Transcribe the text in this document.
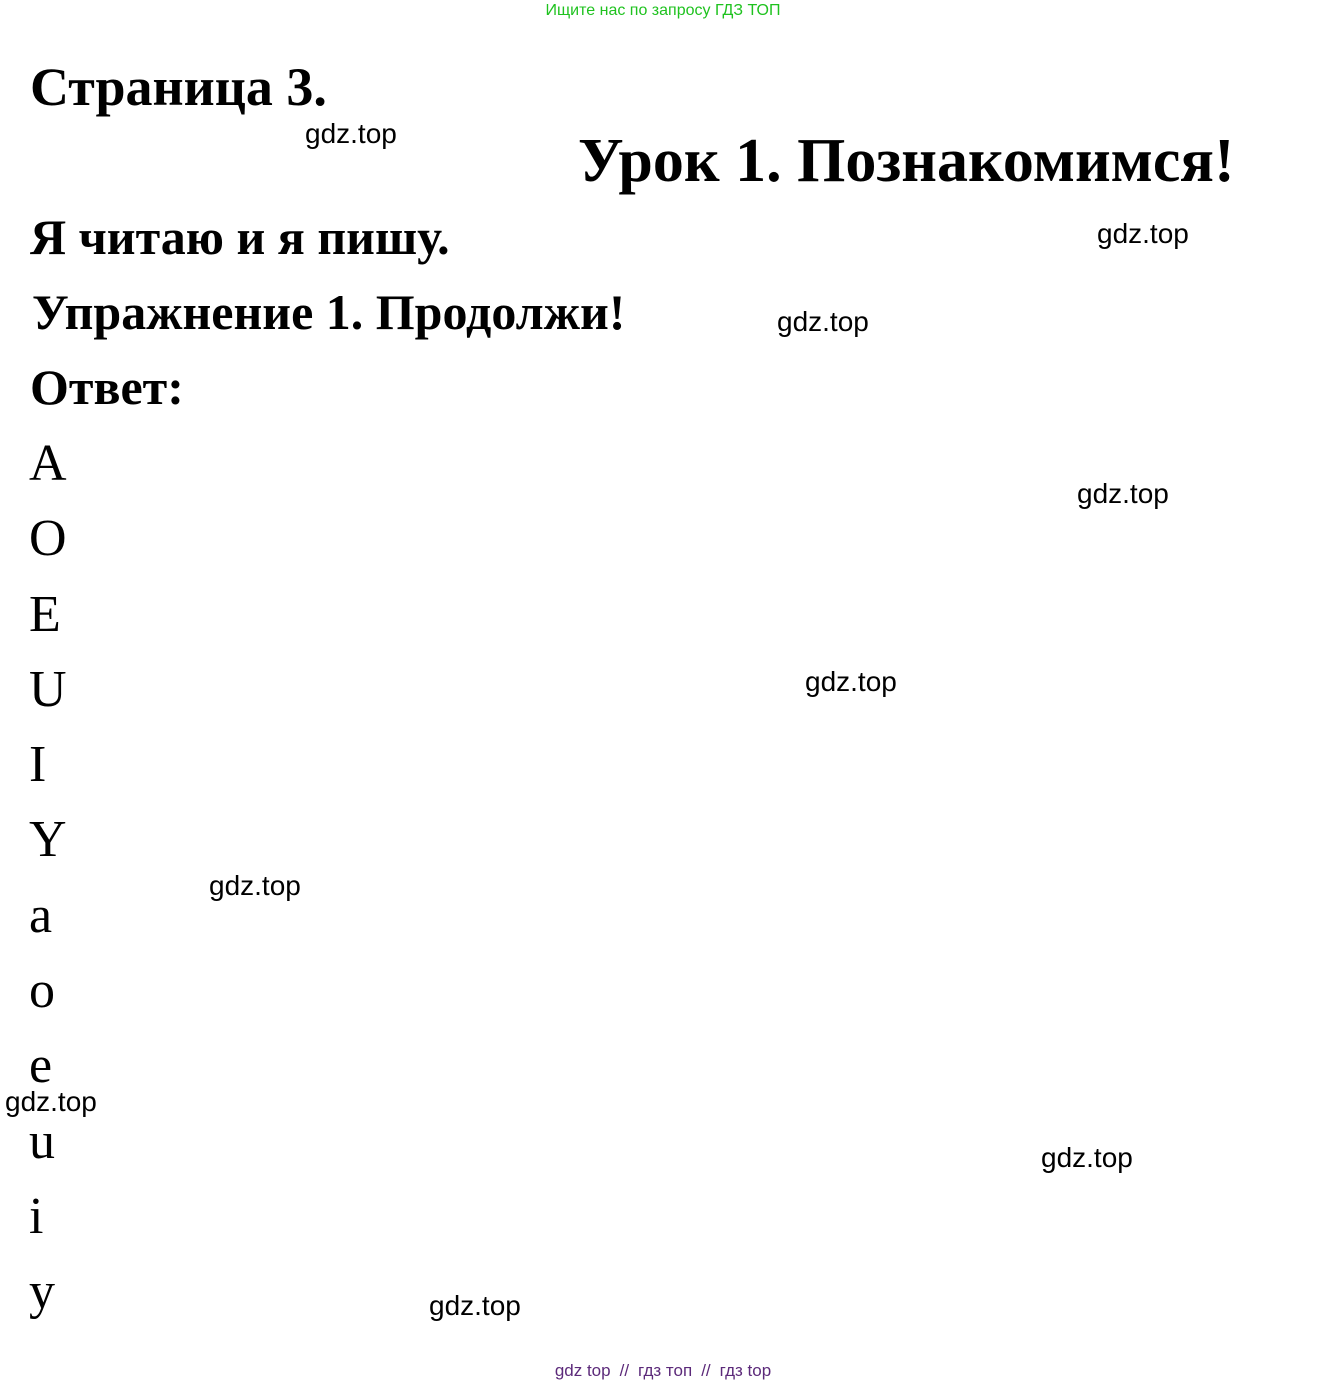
Ищите нас по запросу ГДЗ ТОП
Страница 3.
Урок 1. Познакомимся!
Я читаю и я пишу.
Упражнение 1. Продолжи!
Ответ:
A
O
E
U
I
Y
a
o
e
u
i
y
gdz.top
gdz.top
gdz.top
gdz.top
gdz.top
gdz.top
gdz.top
gdz.top
gdz.top
gdz top // гдз топ // гдз top
